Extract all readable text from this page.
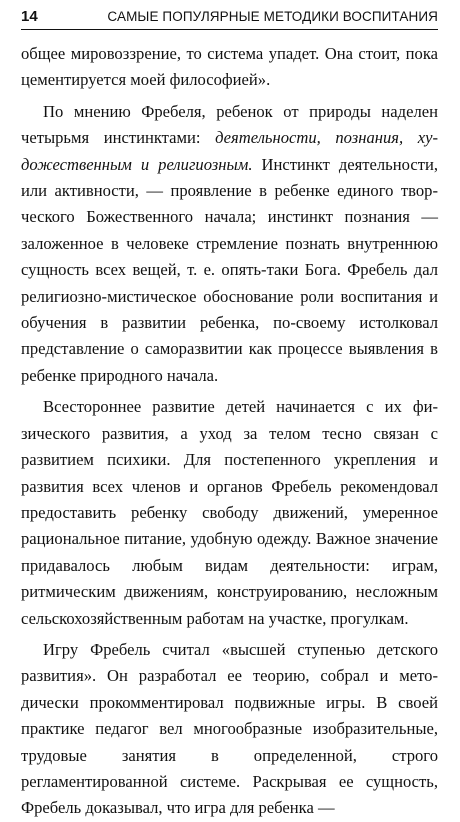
14	САМЫЕ ПОПУЛЯРНЫЕ МЕТОДИКИ ВОСПИТАНИЯ

общее мировоззрение, то система упадет. Она стоит, пока цементируется моей философией».

По мнению Фребеля, ребенок от природы наделен четырьмя инстинктами: деятельности, познания, художественным и религиозным. Инстинкт деятельности, или активности, — проявление в ребенке единого творческого Божественного начала; инстинкт познания — заложенное в человеке стремление познать внутреннюю сущность всех вещей, т. е. опять-таки Бога. Фребель дал религиозно-мистическое обоснование роли воспитания и обучения в развитии ребенка, по-своему истолковал представление о саморазвитии как процессе выявления в ребенке природного начала.

Всестороннее развитие детей начинается с их физического развития, а уход за телом тесно связан с развитием психики. Для постепенного укрепления и развития всех членов и органов Фребель рекомендовал предоставить ребенку свободу движений, умеренное рациональное питание, удобную одежду. Важное значение придавалось любым видам деятельности: играм, ритмическим движениям, конструированию, несложным сельскохозяйственным работам на участке, прогулкам.

Игру Фребель считал «высшей ступенью детского развития». Он разработал ее теорию, собрал и методически прокомментировал подвижные игры. В своей практике педагог вел многообразные изобразительные, трудовые занятия в определенной, строго регламентированной системе. Раскрывая ее сущность, Фребель доказывал, что игра для ребенка —
